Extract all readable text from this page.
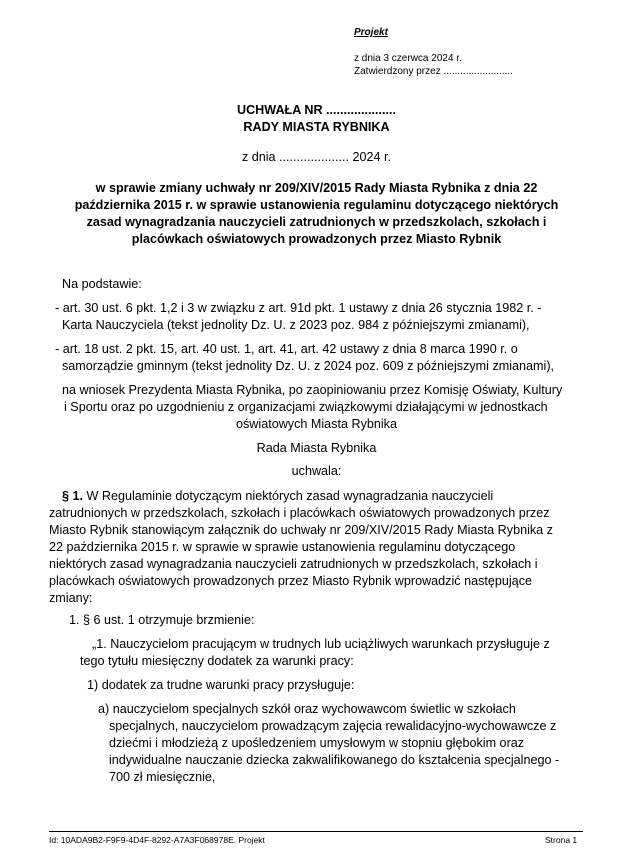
Projekt
z dnia 3 czerwca 2024 r.
Zatwierdzony przez .........................
UCHWAŁA NR ....................
RADY MIASTA RYBNIKA
z dnia .................... 2024 r.
w sprawie zmiany uchwały nr 209/XIV/2015 Rady Miasta Rybnika z dnia 22
października 2015 r. w sprawie ustanowienia regulaminu dotyczącego niektórych
zasad wynagradzania nauczycieli zatrudnionych w przedszkolach, szkołach i
placówkach oświatowych prowadzonych przez Miasto Rybnik
Na podstawie:
- art. 30 ust. 6 pkt. 1,2 i 3 w związku z art. 91d pkt. 1 ustawy z dnia 26 stycznia 1982 r. -
Karta Nauczyciela (tekst jednolity Dz. U. z 2023 poz. 984 z późniejszymi zmianami),
- art. 18 ust. 2 pkt. 15, art. 40 ust. 1, art. 41, art. 42 ustawy z dnia 8 marca 1990 r. o
samorządzie gminnym (tekst jednolity Dz. U. z 2024 poz. 609 z późniejszymi zmianami),
na wniosek Prezydenta Miasta Rybnika, po zaopiniowaniu przez Komisję Oświaty, Kultury
i Sportu oraz po uzgodnieniu z organizacjami związkowymi działającymi w jednostkach
oświatowych Miasta Rybnika
Rada Miasta Rybnika
uchwala:
§ 1. W Regulaminie dotyczącym niektórych zasad wynagradzania nauczycieli
zatrudnionych w przedszkolach, szkołach i placówkach oświatowych prowadzonych przez
Miasto Rybnik stanowiącym załącznik do uchwały nr 209/XIV/2015 Rady Miasta Rybnika z
22 października 2015 r. w sprawie w sprawie ustanowienia regulaminu dotyczącego
niektórych zasad wynagradzania nauczycieli zatrudnionych w przedszkolach, szkołach i
placówkach oświatowych prowadzonych przez Miasto Rybnik wprowadzić następujące
zmiany:
1. § 6 ust. 1 otrzymuje brzmienie:
„1. Nauczycielom pracującym w trudnych lub uciążliwych warunkach przysługuje z
tego tytułu miesięczny dodatek za warunki pracy:
1) dodatek za trudne warunki pracy przysługuje:
a) nauczycielom specjalnych szkół oraz wychowawcom świetlic w szkołach
specjalnych, nauczycielom prowadzącym zajęcia rewalidacyjno-wychowawcze z
dziećmi i młodzieżą z upośledzeniem umysłowym w stopniu głębokim oraz
indywidualne nauczanie dziecka zakwalifikowanego do kształcenia specjalnego -
700 zł miesięcznie,
Id: 10ADA9B2-F9F9-4D4F-8292-A7A3F068978E. Projekt	Strona 1
